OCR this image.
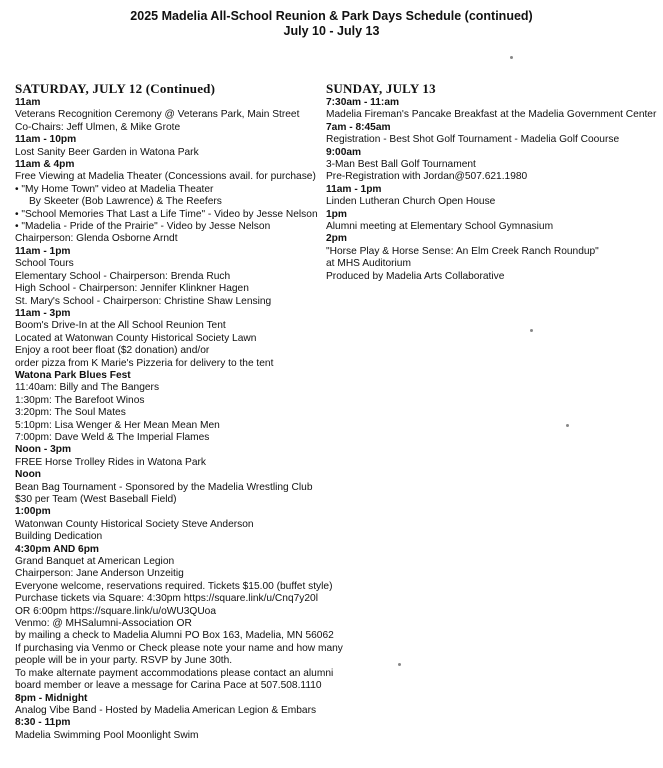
2025 Madelia All-School Reunion & Park Days Schedule (continued)
July 10 - July 13
SATURDAY, JULY 12 (Continued)
11am
Veterans Recognition Ceremony @ Veterans Park, Main Street
Co-Chairs: Jeff Ulmen, & Mike Grote
11am - 10pm
Lost Sanity Beer Garden in Watona Park
11am & 4pm
Free Viewing at Madelia Theater (Concessions avail. for purchase)
• "My Home Town" video at Madelia Theater
By Skeeter (Bob Lawrence) & The Reefers
• "School Memories That Last a Life Time" - Video by Jesse Nelson
• "Madelia - Pride of the Prairie" - Video by Jesse Nelson
Chairperson: Glenda Osborne Arndt
11am - 1pm
School Tours
Elementary School - Chairperson: Brenda Ruch
High School - Chairperson: Jennifer Klinkner Hagen
St. Mary's School - Chairperson: Christine Shaw Lensing
11am - 3pm
Boom's Drive-In at the All School Reunion Tent
Located at Watonwan County Historical Society Lawn
Enjoy a root beer float ($2 donation) and/or
order pizza from K Marie's Pizzeria for delivery to the tent
Watona Park Blues Fest
11:40am: Billy and The Bangers
1:30pm: The Barefoot Winos
3:20pm: The Soul Mates
5:10pm: Lisa Wenger & Her Mean Mean Men
7:00pm: Dave Weld & The Imperial Flames
Noon - 3pm
FREE Horse Trolley Rides in Watona Park
Noon
Bean Bag Tournament - Sponsored by the Madelia Wrestling Club
$30 per Team (West Baseball Field)
1:00pm
Watonwan County Historical Society Steve Anderson
Building Dedication
4:30pm AND 6pm
Grand Banquet at American Legion
Chairperson: Jane Anderson Unzeitig
Everyone welcome, reservations required. Tickets $15.00 (buffet style)
Purchase tickets via Square: 4:30pm https://square.link/u/Cnq7y20l
OR 6:00pm https://square.link/u/oWU3QUoa
Venmo: @ MHSalumni-Association OR
by mailing a check to Madelia Alumni PO Box 163, Madelia, MN 56062
If purchasing via Venmo or Check please note your name and how many
people will be in your party. RSVP by June 30th.
To make alternate payment accommodations please contact an alumni
board member or leave a message for Carina Pace at 507.508.1110
8pm - Midnight
Analog Vibe Band - Hosted by Madelia American Legion & Embars
8:30 - 11pm
Madelia Swimming Pool Moonlight Swim
SUNDAY, JULY 13
7:30am - 11:am
Madelia Fireman's Pancake Breakfast at the Madelia Government Center
7am - 8:45am
Registration - Best Shot Golf Tournament - Madelia Golf Coourse
9:00am
3-Man Best Ball Golf Tournament
Pre-Registration with Jordan@507.621.1980
11am - 1pm
Linden Lutheran Church Open House
1pm
Alumni meeting at Elementary School Gymnasium
2pm
"Horse Play & Horse Sense: An Elm Creek Ranch Roundup"
at MHS Auditorium
Produced by Madelia Arts Collaborative
